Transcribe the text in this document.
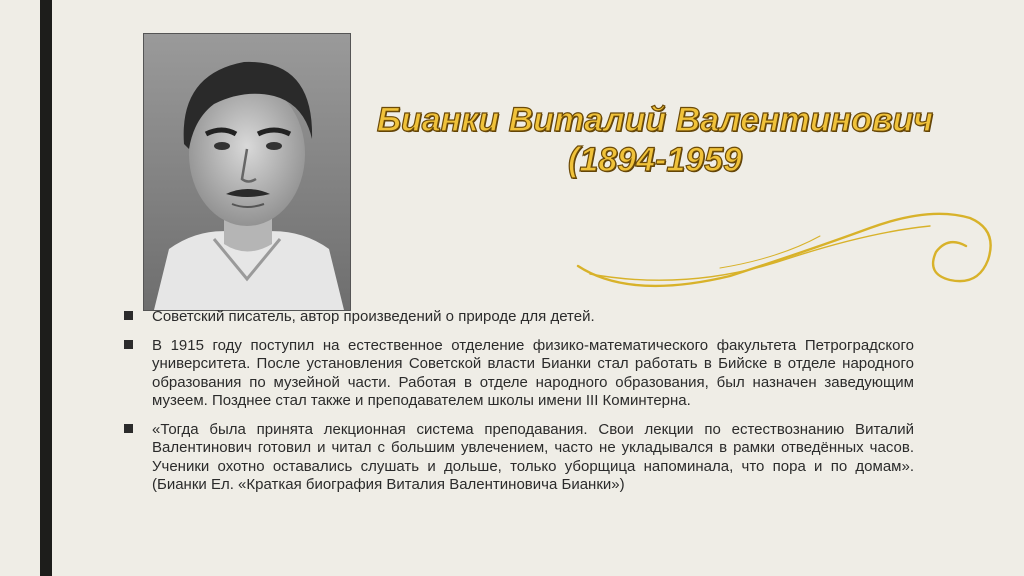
Бианки Виталий Валентинович
(1894-1959
Советский писатель, автор произведений о природе для детей.
В 1915 году поступил на естественное отделение физико-математического факультета Петроградского университета. После установления Советской власти Бианки стал работать в Бийске в отделе народного образования по музейной части. Работая в отделе народного образования, был назначен заведующим музеем. Позднее стал также и преподавателем школы имени III Коминтерна.
«Тогда была принята лекционная система преподавания. Свои лекции по естествознанию Виталий Валентинович готовил и читал с большим увлечением, часто не укладывался в рамки отведённых часов. Ученики охотно оставались слушать и дольше, только уборщица напоминала, что пора и по домам». (Бианки Ел. «Краткая биография Виталия Валентиновича Бианки»)
